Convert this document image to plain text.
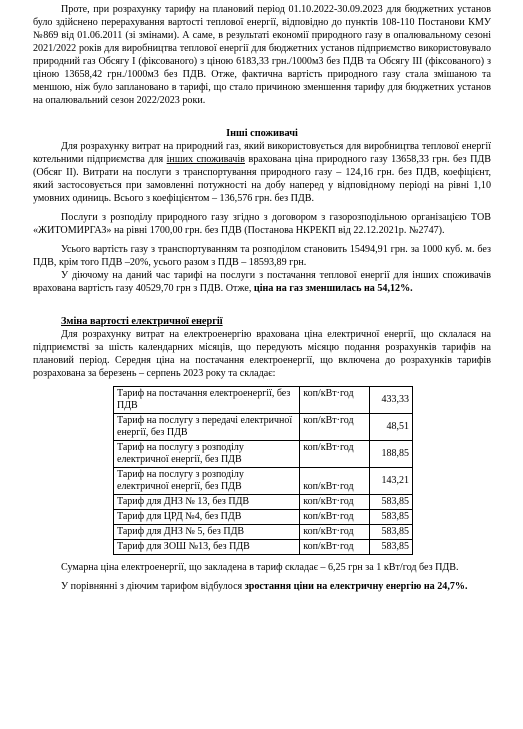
Проте, при розрахунку тарифу на плановий період 01.10.2022-30.09.2023 для бюджетних установ було здійснено перерахування вартості теплової енергії, відповідно до пунктів 108-110 Постанови КМУ №869 від 01.06.2011 (зі змінами). А саме, в результаті економії природного газу в опалювальному сезоні 2021/2022 років для виробництва теплової енергії для бюджетних установ підприємство використовувало природний газ Обсягу І (фіксованого) з ціною 6183,33 грн./1000м3 без ПДВ та Обсягу ІІІ (фіксованого) з ціною 13658,42 грн./1000м3 без ПДВ. Отже, фактична вартість природного газу стала змішаною та меншою, ніж було заплановано в тарифі, що стало причиною зменшення тарифу для бюджетних установ на опалювальний сезон 2022/2023 роки.

Інші споживачі

Для розрахунку витрат на природний газ, який використовується для виробництва теплової енергії котельними підприємства для інших споживачів врахована ціна природного газу 13658,33 грн. без ПДВ (Обсяг ІІ). Витрати на послуги з транспортування природного газу – 124,16 грн. без ПДВ, коефіцієнт, який застосовується при замовленні потужності на добу наперед у відповідному періоді на рівні 1,10 умовних одиниць. Всього з коефіцієнтом – 136,576 грн. без ПДВ.

Послуги з розподілу природного газу згідно з договором з газорозподільною організацією ТОВ «ЖИТОМИРГАЗ» на рівні 1700,00 грн. без ПДВ (Постанова НКРЕКП від 22.12.2021р. №2747).

Усього вартість газу з транспортуванням та розподілом становить 15494,91 грн. за 1000 куб. м. без ПДВ, крім того ПДВ –20%, усього разом з ПДВ – 18593,89 грн.

У діючому на даний час тарифі на послуги з постачання теплової енергії для інших споживачів врахована вартість газу 40529,70 грн з ПДВ. Отже, ціна на газ зменшилась на 54,12%.

Зміна вартості електричної енергії

Для розрахунку витрат на електроенергію врахована ціна електричної енергії, що склалася на підприємстві за шість календарних місяців, що передують місяцю подання розрахунків тарифів на плановий період. Середня ціна на постачання електроенергії, що включена до розрахунків тарифів розрахована за березень – серпень 2023 року та складає:

Тариф на постачання електроенергії, без ПДВ	коп/кВт·год	433,33
Тариф на послугу з передачі електричної енергії, без ПДВ	коп/кВт·год	48,51
Тариф на послугу з розподілу електричної енергії, без ПДВ	коп/кВт·год	188,85
Тариф на послугу з розподілу електричної енергії, без ПДВ	коп/кВт·год	143,21
Тариф для ДНЗ № 13, без ПДВ	коп/кВт·год	583,85
Тариф для ЦРД №4, без ПДВ	коп/кВт·год	583,85
Тариф для ДНЗ № 5, без ПДВ	коп/кВт·год	583,85
Тариф для ЗОШ №13, без ПДВ	коп/кВт·год	583,85

Сумарна ціна електроенергії, що закладена в тариф складає – 6,25 грн за 1 кВт/год без ПДВ.

У порівнянні з діючим тарифом відбулося зростання ціни на електричну енергію на 24,7%.
